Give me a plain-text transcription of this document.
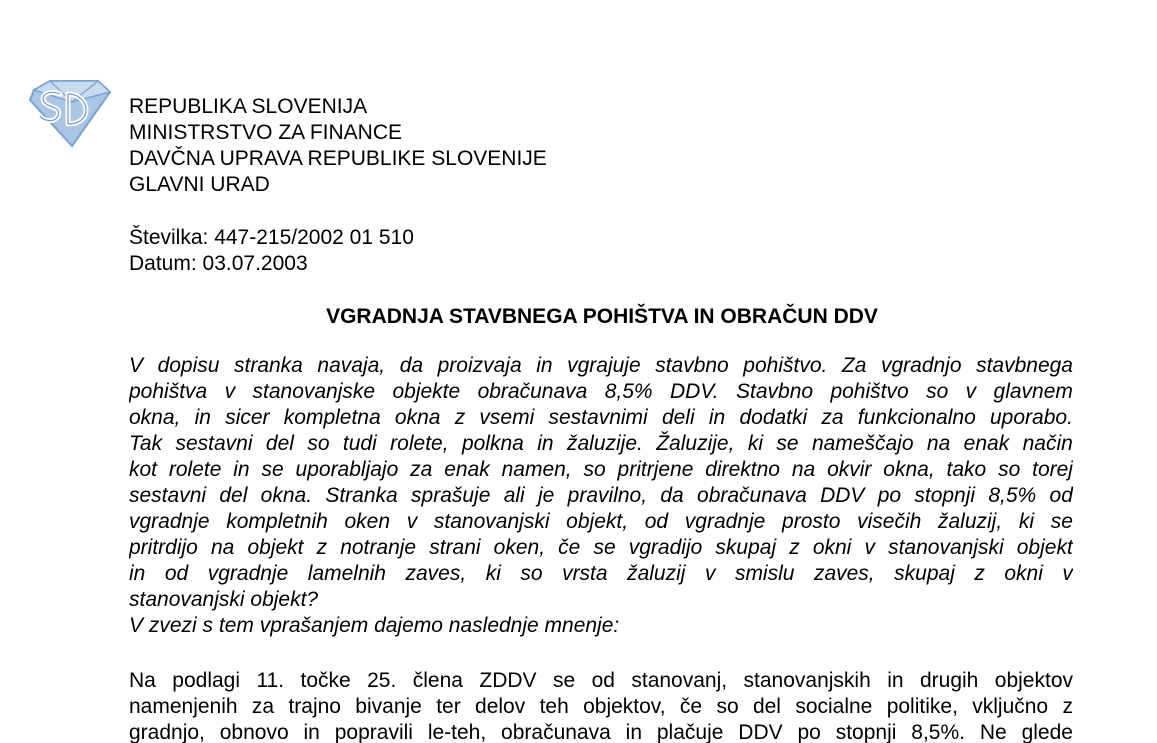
REPUBLIKA SLOVENIJA
MINISTRSTVO ZA FINANCE
DAVČNA UPRAVA REPUBLIKE SLOVENIJE
GLAVNI URAD
Številka: 447-215/2002 01 510
Datum: 03.07.2003
VGRADNJA STAVBNEGA POHIŠTVA IN OBRAČUN DDV
V dopisu stranka navaja, da proizvaja in vgrajuje stavbno pohištvo. Za vgradnjo stavbnega
pohištva v stanovanjske objekte obračunava 8,5% DDV. Stavbno pohištvo so v glavnem
okna, in sicer kompletna okna z vsemi sestavnimi deli in dodatki za funkcionalno uporabo.
Tak sestavni del so tudi rolete, polkna in žaluzije. Žaluzije, ki se nameščajo na enak način
kot rolete in se uporabljajo za enak namen, so pritrjene direktno na okvir okna, tako so torej
sestavni del okna. Stranka sprašuje ali je pravilno, da obračunava DDV po stopnji 8,5% od
vgradnje kompletnih oken v stanovanjski objekt, od vgradnje prosto visečih žaluzij, ki se
pritrdijo na objekt z notranje strani oken, če se vgradijo skupaj z okni v stanovanjski objekt
in od vgradnje lamelnih zaves, ki so vrsta žaluzij v smislu zaves, skupaj z okni v
stanovanjski objekt?
V zvezi s tem vprašanjem dajemo naslednje mnenje:
Na podlagi 11. točke 25. člena ZDDV se od stanovanj, stanovanjskih in drugih objektov
namenjenih za trajno bivanje ter delov teh objektov, če so del socialne politike, vključno z
gradnjo, obnovo in popravili le-teh, obračunava in plačuje DDV po stopnji 8,5%. Ne glede
